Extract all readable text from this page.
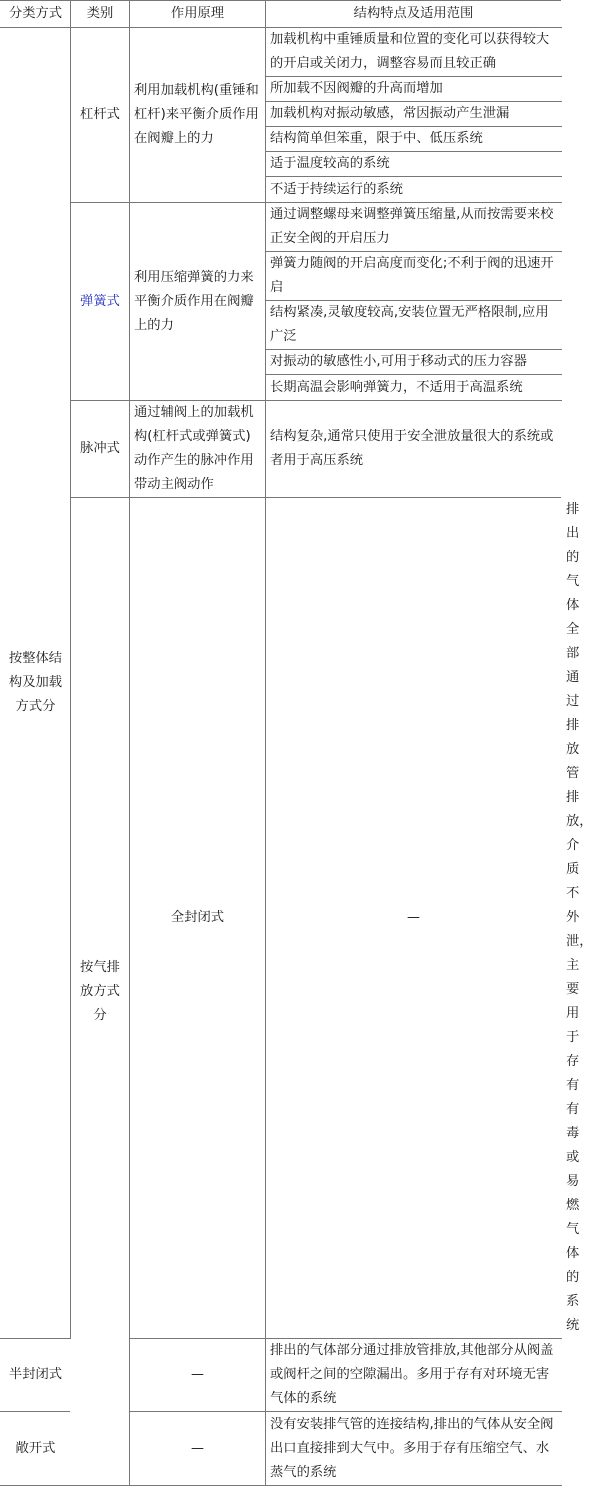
分类方式	类别	作用原理	结构特点及适用范围	
按整体结构及加载方式分	杠杆式	利用加载机构(重锤和杠杆)来平衡介质作用在阀瓣上的力	加载机构中重锤质量和位置的变化可以获得较大的开启或关闭力，调整容易而且较正确	
			所加载不因阀瓣的升高而增加	
			加载机构对振动敏感，常因振动产生泄漏	
			结构简单但笨重，限于中、低压系统	
			适于温度较高的系统	
			不适于持续运行的系统	
	弹簧式	利用压缩弹簧的力来平衡介质作用在阀瓣上的力	通过调整螺母来调整弹簧压缩量,从而按需要来校正安全阀的开启压力	
			弹簧力随阀的开启高度而变化;不利于阀的迅速开启	
			结构紧凑,灵敏度较高,安装位置无严格限制,应用广泛	
			对振动的敏感性小,可用于移动式的压力容器	
			长期高温会影响弹簧力，不适用于高温系统	
	脉冲式	通过辅阀上的加载机构(杠杆式或弹簧式)动作产生的脉冲作用带动主阀动作	结构复杂,通常只使用于安全泄放量很大的系统或者用于高压系统	
	按气排放方式分	全封闭式	—	排出的气体全部通过排放管排放，介质不外泄，主要用于存有有毒或易燃气体的系统
半封闭式		—	排出的气体部分通过排放管排放,其他部分从阀盖或阀杆之间的空隙漏出。多用于存有对环境无害气体的系统	
敞开式		—	没有安装排气管的连接结构,排出的气体从安全阀出口直接排到大气中。多用于存有压缩空气、水蒸气的系统	
